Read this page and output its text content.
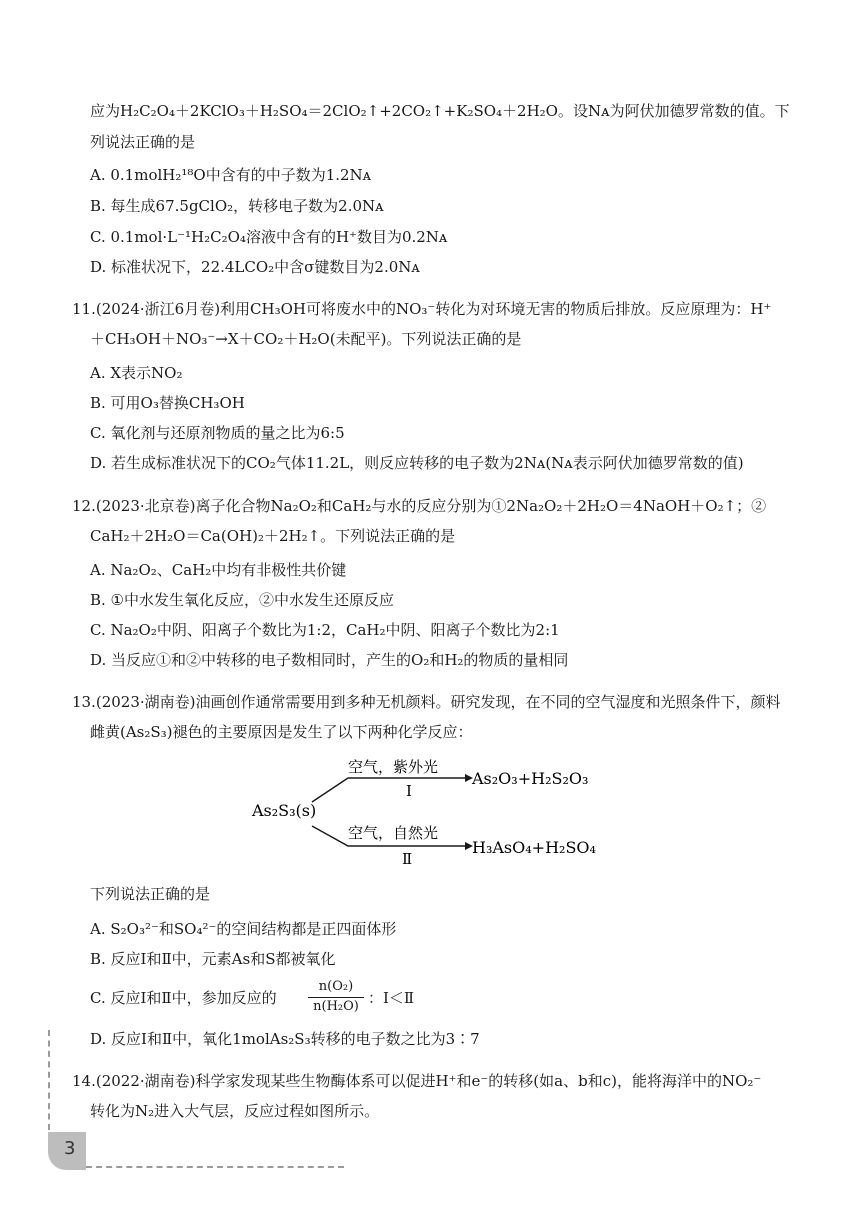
应为H₂C₂O₄＋2KClO₃＋H₂SO₄＝2ClO₂↑+2CO₂↑+K₂SO₄＋2H₂O。设Nᴀ为阿伏加德罗常数的值。下
列说法正确的是
A. 0.1molH₂¹⁸O中含有的中子数为1.2Nᴀ
B. 每生成67.5gClO₂，转移电子数为2.0Nᴀ
C. 0.1mol·L⁻¹H₂C₂O₄溶液中含有的H⁺数目为0.2Nᴀ
D. 标准状况下，22.4LCO₂中含σ键数目为2.0Nᴀ
11.(2024·浙江6月卷)利用CH₃OH可将废水中的NO₃⁻转化为对环境无害的物质后排放。反应原理为：H⁺
＋CH₃OH＋NO₃⁻→X＋CO₂＋H₂O(未配平)。下列说法正确的是
A. X表示NO₂
B. 可用O₃替换CH₃OH
C. 氧化剂与还原剂物质的量之比为6:5
D. 若生成标准状况下的CO₂气体11.2L，则反应转移的电子数为2Nᴀ(Nᴀ表示阿伏加德罗常数的值)
12.(2023·北京卷)离子化合物Na₂O₂和CaH₂与水的反应分别为①2Na₂O₂＋2H₂O＝4NaOH＋O₂↑；②
CaH₂＋2H₂O＝Ca(OH)₂＋2H₂↑。下列说法正确的是
A. Na₂O₂、CaH₂中均有非极性共价键
B. ①中水发生氧化反应，②中水发生还原反应
C. Na₂O₂中阴、阳离子个数比为1:2，CaH₂中阴、阳离子个数比为2:1
D. 当反应①和②中转移的电子数相同时，产生的O₂和H₂的物质的量相同
13.(2023·湖南卷)油画创作通常需要用到多种无机颜料。研究发现，在不同的空气湿度和光照条件下，颜料
雌黄(As₂S₃)褪色的主要原因是发生了以下两种化学反应：
As₂S₃(s)
空气，紫外光
Ⅰ
As₂O₃+H₂S₂O₃
空气，自然光
Ⅱ
H₃AsO₄+H₂SO₄
下列说法正确的是
A. S₂O₃²⁻和SO₄²⁻的空间结构都是正四面体形
B. 反应Ⅰ和Ⅱ中，元素As和S都被氧化
C. 反应Ⅰ和Ⅱ中，参加反应的 $\frac{\text{n(O₂)}}{\text{n(H₂O)}}$ ：Ⅰ＜Ⅱ
D. 反应Ⅰ和Ⅱ中，氧化1molAs₂S₃转移的电子数之比为3∶7
14.(2022·湖南卷)科学家发现某些生物酶体系可以促进H⁺和e⁻的转移(如a、b和c)，能将海洋中的NO₂⁻
转化为N₂进入大气层，反应过程如图所示。
3
